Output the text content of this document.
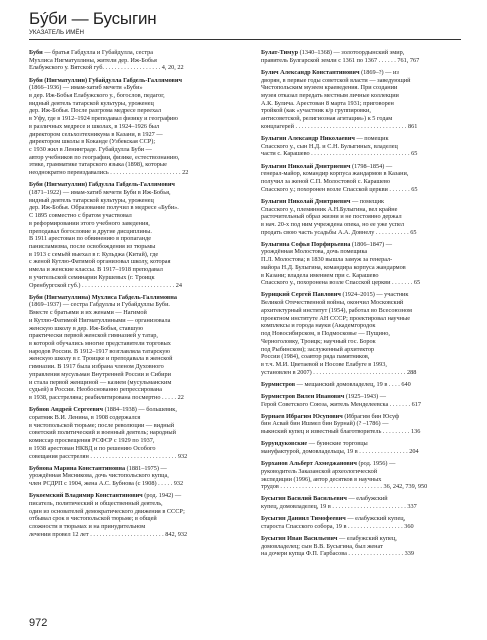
Бýби — Бусыгин
УКАЗАТЕЛЬ ИМЁН

Буби — братья Габдулла и Губайдулла, сестра

Мухлиса Нигматуллины, жители дер. Иж-Бобья

Елабужского у. Вятской губ. . . . . . . . . . . . . . . . . . . 4, 20, 22

Буби (Нигматуллин) Губайдулла Габдель-Галлямович

(1866–1936) — имам-хатиб мечети «Буби»

в дер. Иж-Бобья Елабужского у., богослов, педагог,

видный деятель татарской культуры, уроженец

дер. Иж-Бобья. После разгрома медресе переехал

в Уфу, где в 1912–1924 преподавал физику и географию

в различных медресе и школах, в 1924–1926 был

директором сельхозтехникума в Казани, в 1927 —

директором школы в Коканде (Узбекская ССР);

с 1930 жил в Ленинграде. Губайдулла Буби —

автор учебников по географии, физике, естествознанию,

этике, грамматике татарского языка (1898), которые

неоднократно переиздавались . . . . . . . . . . . . . . . . . . . . . . . 22

Буби (Нигматуллин) Габдулла Габдель-Галлямович

(1871–1922) — имам-хатиб мечети Буби в Иж-Бобья,

видный деятель татарской культуры, уроженец

дер. Иж-Бобья. Образование получил в медресе «Буби».

С 1895 совместно с братом участвовал

в реформировании этого учебного заведения,

преподавал богословие и другие дисциплины.

В 1911 арестован по обвинению в пропаганде

панисламизма, после освобождения из тюрьмы

в 1913 с семьёй выехал в г. Кульджа (Китай), где

с женой Кутлю-Фатимой организовал школу, которая

имела и женские классы. В 1917–1918 преподавал

в учительской семинарии Куршевых (г. Троицк

Оренбургской губ.) . . . . . . . . . . . . . . . . . . . . . . . . . . . . . . 24

Буби (Нигматуллина) Мухлиса Габдель-Галлямовна

(1869–1937) — сестра Габдуллы и Губайдуллы Буби.

Вместе с братьями и их женами — Нагимой

и Кутлю-Фатимой Нигматуллиными — организовала

женскую школу в дер. Иж-Бобья, ставшую

практически первой женской гимназией у татар,

в которой обучались многие представители торговых

народов России. В 1912–1917 возглавляла татарскую

женскую школу в г. Троицке и преподавала в женской

гимназии. В 1917 была избрана членом Духовного

управления мусульман Внутренней России и Сибири

и стала первой женщиной — казием (мусульманским

судьей) в России. Необоснованно репрессирована

в 1938, расстреляна; реабилитирована посмертно . . . . . 22

Бубнов Андрей Сергеевич (1884–1938) — большевик,

соратник В.И. Ленина, в 1908 содержался

в чистопольской тюрьме; после революции — видный

советский политический и военный деятель; народный

комиссар просвещения РСФСР с 1929 по 1937,

в 1938 арестован НКВД и по решению Особого

совещания расстрелян . . . . . . . . . . . . . . . . . . . . . . . . . . . . 932

Бубнова Марина Константиновна (1881–1975) —

урождённая Мясникова, дочь чистопольского купца,

член РСДРП с 1904, жена А.С. Бубнова (с 1908) . . . . . 932

Букоемский Владимир Константинович (род. 1942) —

писатель, политический и общественный деятель,

один из основателей демократического движения в СССР;

отбывал срок в чистопольской тюрьме; в общей

сложности в тюрьмах и на принудительном

лечении провел 12 лет . . . . . . . . . . . . . . . . . . . . . . . . 842, 932

Булат-Тимур (1340–1368) — золотоордынский эмир,

правитель Булгарской земли с 1361 по 1367 . . . . . . 761, 767

Булич Александр Константинович (1869–?) — из

дворян, в первые годы советской власти — заведующий

Чистопольским музеем краеведения. При создании

музея отказал передать местным личные коллекции

А.К. Булича. Арестован 8 марта 1931; приговорен

тройкой (как «участник к/р группировки,

антисоветской, религиозная агитация») к 5 годам

концлагерей . . . . . . . . . . . . . . . . . . . . . . . . . . . . . . . . . . . . 861

Булыгин Александр Николаевич — помещик

Спасского у., сын Н.Д. и С.Н. Булыгиных, владелец

части с. Карашево . . . . . . . . . . . . . . . . . . . . . . . . . . . . . . . . 65

Булыгин Николай Дмитриевич (1798–1854) —

генерал-майор, командир корпуса жандармов в Казани,

получил за женой С.П. Молостовой с. Карашево

Спасского у.; похоронен возле Спасской церкви . . . . . . . 65

Булыгин Николай Дмитриевич — помещик

Спасского у., племянник А.Н.Булыгина, вел крайне

расточительный образ жизни и не постоянно держал

в нач. 20-х под ним учреждена опека, но ее уже успел

продать свою часть усадьбы А.А. Довнелу . . . . . . . . . . . 65

Булыгина Софья Порфирьевна (1806–1847) —

урождённая Молостова, дочь помещика

П.Л. Молостова; в 1830 вышла замуж за генерал-

майора Н.Д. Булыгина, командира корпуса жандармов

в Казани; владела имением при с. Карашево

Спасского у., похоронена возле Спасской церкви . . . . . . . 65

Бурицкий Сергей Павлович (1924–2015) — участник

Великой Отечественной войны, окончил Московский

архитектурный институт (1954), работал во Всесоюзном

проектном институте АН СССР; проектировал научные

комплексы и города науки (Академгородок

под Новосибирском, в Подмосковье — Пущино,

Черноголовку, Троицк; научный гос. Борок

под Рыбинском); заслуженный архитектор

России (1984), соавтор ряда памятников,

в т.ч. М.И. Цветаевой и Носове Елабуге в 1993,

установлен в 2007) . . . . . . . . . . . . . . . . . . . . . . . . . . . . . . 288

Бурмистров — мещанский домовладелец, 19 в . . . . 640

Бурмистров Вилен Иванович (1925–1943) —

Герой Советского Союза, житель Менделеевска . . . . . . . 617

Бурнаев Ибрагим Юсупович (Ибрагим бин Юсуф

бин Асвай бин Ишмел бин Бурнай) (? –1786) —

выкнский купец и известный благотворитель . . . . . . . . . 136

Бурундуковские — буинские торговцы

мануфактурой, домовладельцы, 19 в . . . . . . . . . . . . . . . . 204

Бурханов Альберт Ахмеджанович (род. 1956) —

руководитель Заказанской археологической

экспедиции (1996), автор десятков в научных

трудов . . . . . . . . . . . . . . . . . . . . . . . . . . . . . . . . . 36, 242, 739, 950

Бусыгин Василий Васильевич — елабужский

купец, домовладелец, 19 в . . . . . . . . . . . . . . . . . . . . . . . . 337

Бусыгин Даниил Тимофеевич — елабужский купец,

староста Спасского собора, 19 в . . . . . . . . . . . . . . . . . . 360

Бусыгин Иван Васильевич — елабужский купец,

домовладелец; сын В.В. Бусыгина, был женат

на дочери купца Ф.П. Гарбасова . . . . . . . . . . . . . . . . . . 339

972
